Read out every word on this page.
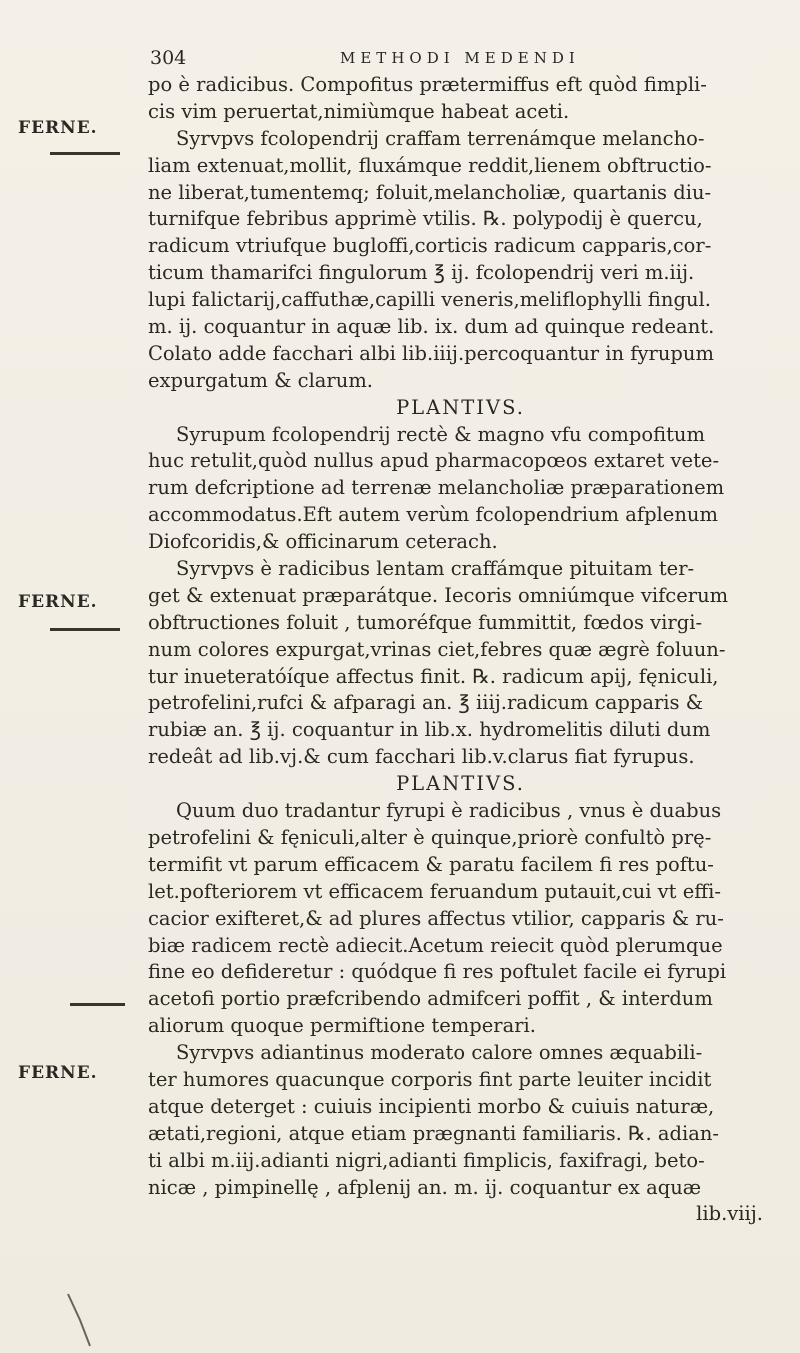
304	METHODI MEDENDI
FERNE.
FERNE.
FERNE.
po è radicibus. Compofitus prætermiffus eft quòd fimpli-
cis vim peruertat,nimiùmque habeat aceti.
Syrvpvs fcolopendrij craffam terrenámque melancho-
liam extenuat,mollit, fluxámque reddit,lienem obftructio-
ne liberat,tumentemq; foluit,melancholiæ, quartanis diu-
turnifque febribus apprimè vtilis. ℞. polypodij è quercu,
radicum vtriufque bugloffi,corticis radicum capparis,cor-
ticum thamarifci fingulorum ℥ ij. fcolopendrij veri m.iij.
lupi falictarij,caffuthæ,capilli veneris,meliflophylli fingul.
m. ij. coquantur in aquæ lib. ix. dum ad quinque redeant.
Colato adde facchari albi lib.iiij.percoquantur in fyrupum
expurgatum & clarum.
PLANTIVS.
Syrupum fcolopendrij rectè & magno vfu compofitum
huc retulit,quòd nullus apud pharmacopœos extaret vete-
rum defcriptione ad terrenæ melancholiæ præparationem
accommodatus.Eft autem verùm fcolopendrium afplenum
Diofcoridis,& officinarum ceterach.
Syrvpvs è radicibus lentam craffámque pituitam ter-
get & extenuat præparátque. Iecoris omniúmque vifcerum
obftructiones foluit , tumoréfque fummittit, fœdos virgi-
num colores expurgat,vrinas ciet,febres quæ ægrè foluun-
tur inueteratóíque affectus finit. ℞. radicum apij, fęniculi,
petrofelini,rufci & afparagi an. ℥ iiij.radicum capparis &
rubiæ an. ℥ ij. coquantur in lib.x. hydromelitis diluti dum
redeât ad lib.vj.& cum facchari lib.v.clarus fiat fyrupus.
PLANTIVS.
Quum duo tradantur fyrupi è radicibus , vnus è duabus
petrofelini & fęniculi,alter è quinque,priorè confultò prę-
termifit vt parum efficacem & paratu facilem fi res poftu-
let.pofteriorem vt efficacem feruandum putauit,cui vt effi-
cacior exifteret,& ad plures affectus vtilior, capparis & ru-
biæ radicem rectè adiecit.Acetum reiecit quòd plerumque
fine eo defideretur : quódque fi res poftulet facile ei fyrupi
acetofi portio præfcribendo admifceri poffit , & interdum
aliorum quoque permiftione temperari.
Syrvpvs adiantinus moderato calore omnes æquabili-
ter humores quacunque corporis fint parte leuiter incidit
atque deterget : cuiuis incipienti morbo & cuiuis naturæ,
ætati,regioni, atque etiam prægnanti familiaris. ℞. adian-
ti albi m.iij.adianti nigri,adianti fimplicis, faxifragi, beto-
nicæ , pimpinellę , afplenij an. m. ij. coquantur ex aquæ
lib.viij.
